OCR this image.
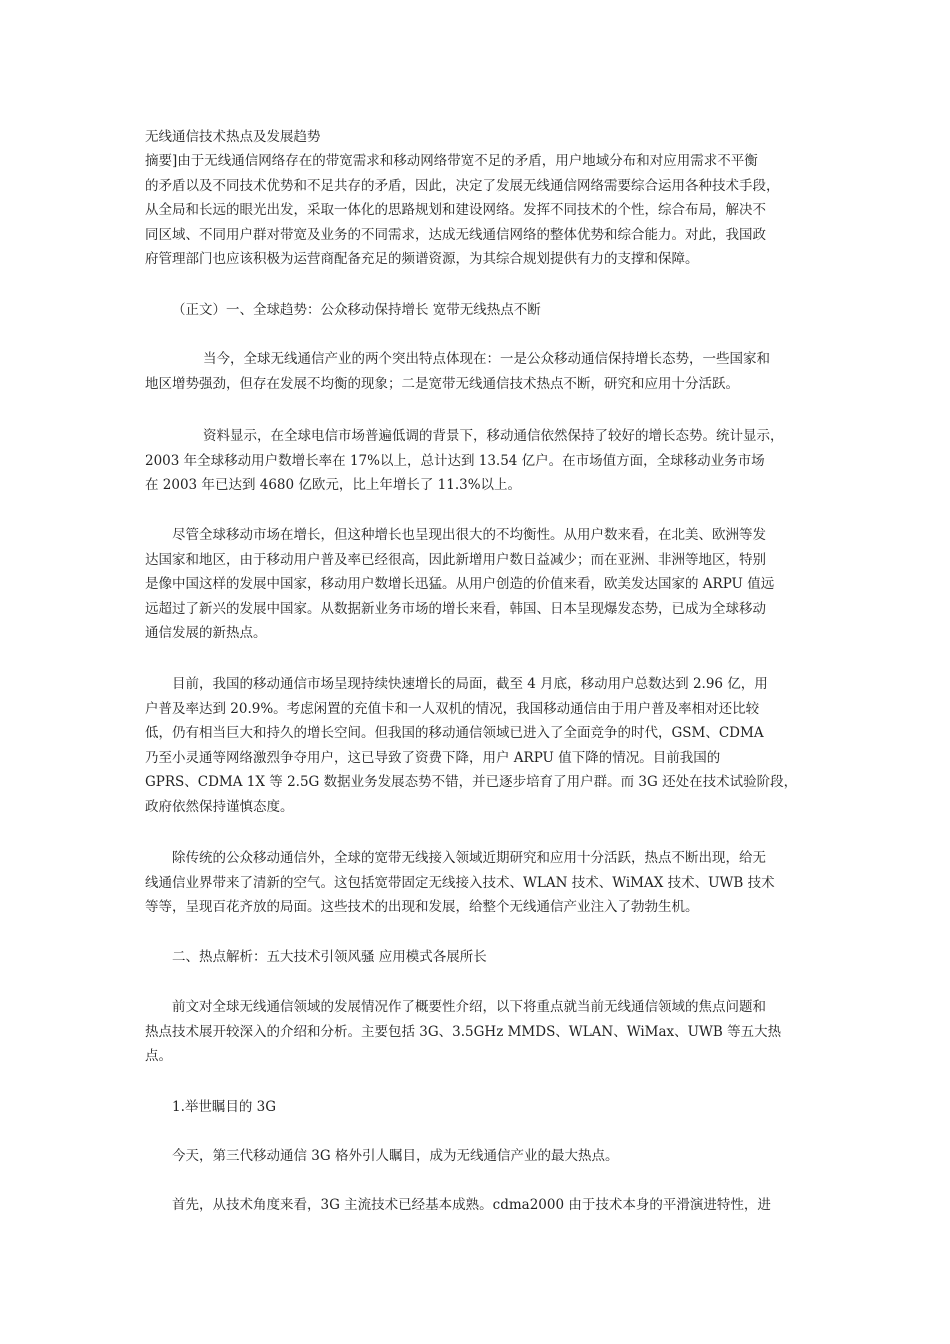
无线通信技术热点及发展趋势
摘要]由于无线通信网络存在的带宽需求和移动网络带宽不足的矛盾，用户地域分布和对应用需求不平衡
的矛盾以及不同技术优势和不足共存的矛盾，因此，决定了发展无线通信网络需要综合运用各种技术手段，
从全局和长远的眼光出发，采取一体化的思路规划和建设网络。发挥不同技术的个性，综合布局，解决不
同区域、不同用户群对带宽及业务的不同需求，达成无线通信网络的整体优势和综合能力。对此，我国政
府管理部门也应该积极为运营商配备充足的频谱资源，为其综合规划提供有力的支撑和保障。
（正文）一、全球趋势：公众移动保持增长 宽带无线热点不断
当今，全球无线通信产业的两个突出特点体现在：一是公众移动通信保持增长态势，一些国家和
地区增势强劲，但存在发展不均衡的现象；二是宽带无线通信技术热点不断，研究和应用十分活跃。
资料显示，在全球电信市场普遍低调的背景下，移动通信依然保持了较好的增长态势。统计显示，
2003 年全球移动用户数增长率在 17%以上，总计达到 13.54 亿户。在市场值方面，全球移动业务市场
在 2003 年已达到 4680 亿欧元，比上年增长了 11.3%以上。
尽管全球移动市场在增长，但这种增长也呈现出很大的不均衡性。从用户数来看，在北美、欧洲等发
达国家和地区，由于移动用户普及率已经很高，因此新增用户数日益减少；而在亚洲、非洲等地区，特别
是像中国这样的发展中国家，移动用户数增长迅猛。从用户创造的价值来看，欧美发达国家的 ARPU 值远
远超过了新兴的发展中国家。从数据新业务市场的增长来看，韩国、日本呈现爆发态势，已成为全球移动
通信发展的新热点。
目前，我国的移动通信市场呈现持续快速增长的局面，截至 4 月底，移动用户总数达到 2.96 亿，用
户普及率达到 20.9%。考虑闲置的充值卡和一人双机的情况，我国移动通信由于用户普及率相对还比较
低，仍有相当巨大和持久的增长空间。但我国的移动通信领域已进入了全面竞争的时代，GSM、CDMA
乃至小灵通等网络激烈争夺用户，这已导致了资费下降，用户 ARPU 值下降的情况。目前我国的
GPRS、CDMA 1X 等 2.5G 数据业务发展态势不错，并已逐步培育了用户群。而 3G 还处在技术试验阶段，
政府依然保持谨慎态度。
除传统的公众移动通信外，全球的宽带无线接入领域近期研究和应用十分活跃，热点不断出现，给无
线通信业界带来了清新的空气。这包括宽带固定无线接入技术、WLAN 技术、WiMAX 技术、UWB 技术
等等，呈现百花齐放的局面。这些技术的出现和发展，给整个无线通信产业注入了勃勃生机。
二、热点解析：五大技术引领风骚 应用模式各展所长
前文对全球无线通信领域的发展情况作了概要性介绍，以下将重点就当前无线通信领域的焦点问题和
热点技术展开较深入的介绍和分析。主要包括 3G、3.5GHz MMDS、WLAN、WiMax、UWB 等五大热
点。
1.举世瞩目的 3G
今天，第三代移动通信 3G 格外引人瞩目，成为无线通信产业的最大热点。
首先，从技术角度来看，3G 主流技术已经基本成熟。cdma2000 由于技术本身的平滑演进特性，进
